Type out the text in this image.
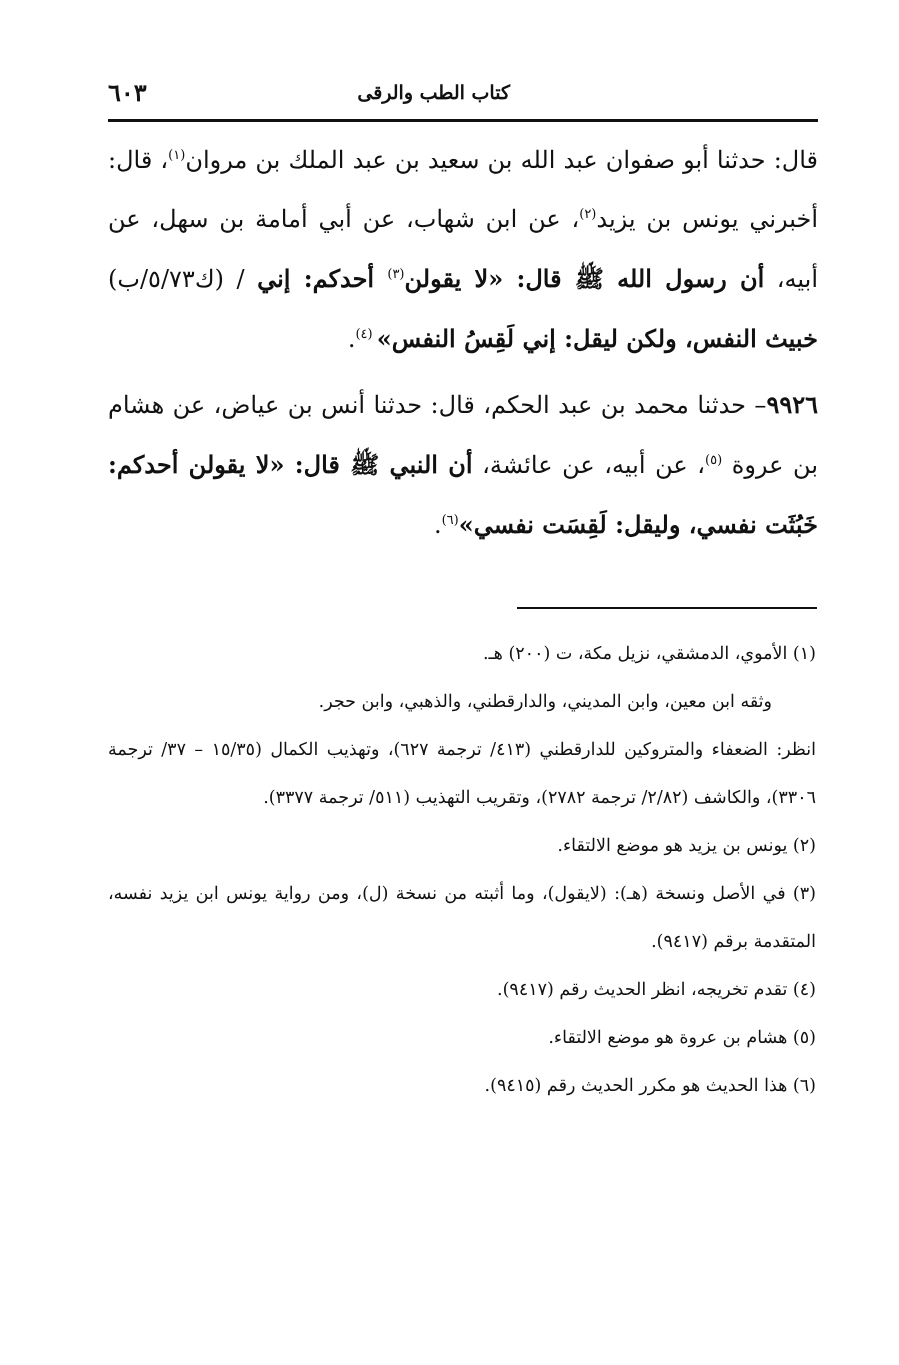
كتاب الطب والرقى
٦٠٣

قال: حدثنا أبو صفوان عبد الله بن سعيد بن عبد الملك بن مروان$^{(١)}$، قال: أخبرني يونس بن يزيد$^{(٢)}$، عن ابن شهاب، عن أبي أمامة بن سهل، عن أبيه، أن رسول الله ﷺ قال: «لا يقولن$^{(٣)}$ أحدكم: إني / (ك٥/٧٣/ب) خبيث النفس، ولكن ليقل: إني لَقِسُ النفس» $^{(٤)}$.

٩٩٢٦– حدثنا محمد بن عبد الحكم، قال: حدثنا أنس بن عياض، عن هشام بن عروة $^{(٥)}$، عن أبيه، عن عائشة، أن النبي ﷺ قال: «لا يقولن أحدكم: خَبُثَت نفسي، وليقل: لَقِسَت نفسي»$^{(٦)}$.

(١) الأموي، الدمشقي، نزيل مكة، ت (٢٠٠) هـ.

وثقه ابن معين، وابن المديني، والدارقطني، والذهبي، وابن حجر.

انظر: الضعفاء والمتروكين للدارقطني (٤١٣/ ترجمة ٦٢٧)، وتهذيب الكمال (١٥/٣٥ – ٣٧/ ترجمة ٣٣٠٦)، والكاشف (٢/٨٢/ ترجمة ٢٧٨٢)، وتقريب التهذيب (٥١١/ ترجمة ٣٣٧٧).

(٢) يونس بن يزيد هو موضع الالتقاء.

(٣) في الأصل ونسخة (هـ): (لايقول)، وما أثبته من نسخة (ل)، ومن رواية يونس ابن يزيد نفسه، المتقدمة برقم (٩٤١٧).

(٤) تقدم تخريجه، انظر الحديث رقم (٩٤١٧).

(٥) هشام بن عروة هو موضع الالتقاء.

(٦) هذا الحديث هو مكرر الحديث رقم (٩٤١٥).
